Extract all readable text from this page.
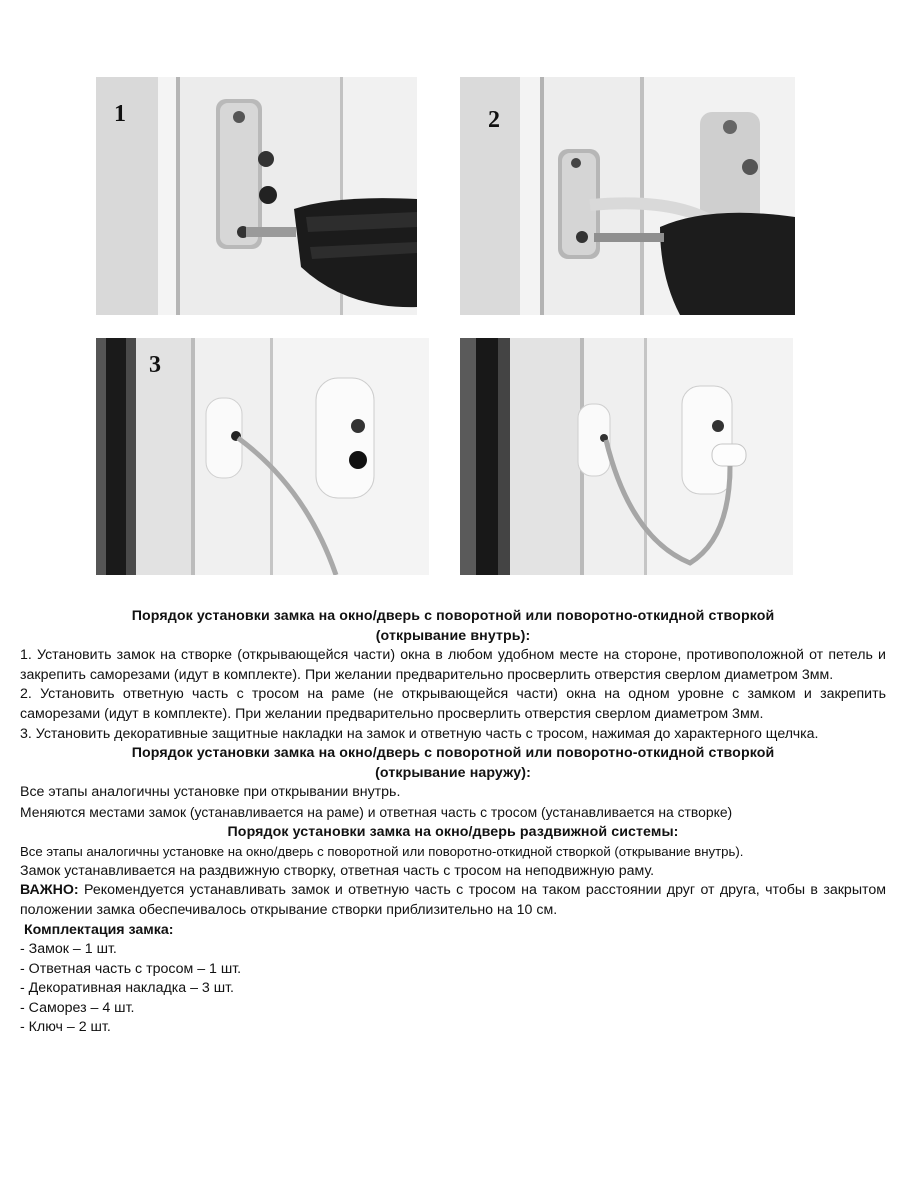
1	2
3
Порядок установки замка на окно/дверь с поворотной или поворотно-откидной створкой
(открывание внутрь):
1. Установить замок на створке (открывающейся части) окна в любом удобном месте на стороне, противоположной от петель и закрепить саморезами (идут в комплекте). При желании предварительно просверлить отверстия сверлом диаметром 3мм.
2. Установить ответную часть с тросом на раме (не открывающейся части) окна на одном уровне с замком и закрепить саморезами (идут в комплекте). При желании предварительно просверлить отверстия сверлом диаметром 3мм.
3. Установить декоративные защитные накладки на замок и ответную часть с тросом, нажимая до характерного щелчка.
Порядок установки замка на окно/дверь с поворотной или поворотно-откидной створкой
(открывание наружу):
Все этапы аналогичны установке при открывании внутрь.
Меняются местами замок (устанавливается на раме) и ответная часть с тросом (устанавливается на створке)
Порядок установки замка на окно/дверь раздвижной системы:
Все этапы аналогичны установке на окно/дверь с поворотной или поворотно-откидной створкой (открывание внутрь).
Замок устанавливается на раздвижную створку, ответная часть с тросом на неподвижную раму.
ВАЖНО: Рекомендуется устанавливать замок и ответную часть с тросом на таком расстоянии друг от друга, чтобы в закрытом положении замка обеспечивалось открывание створки приблизительно на 10 см.
Комплектация замка:
- Замок – 1 шт.
- Ответная часть с тросом – 1 шт.
- Декоративная накладка – 3 шт.
- Саморез – 4 шт.
- Ключ – 2 шт.
